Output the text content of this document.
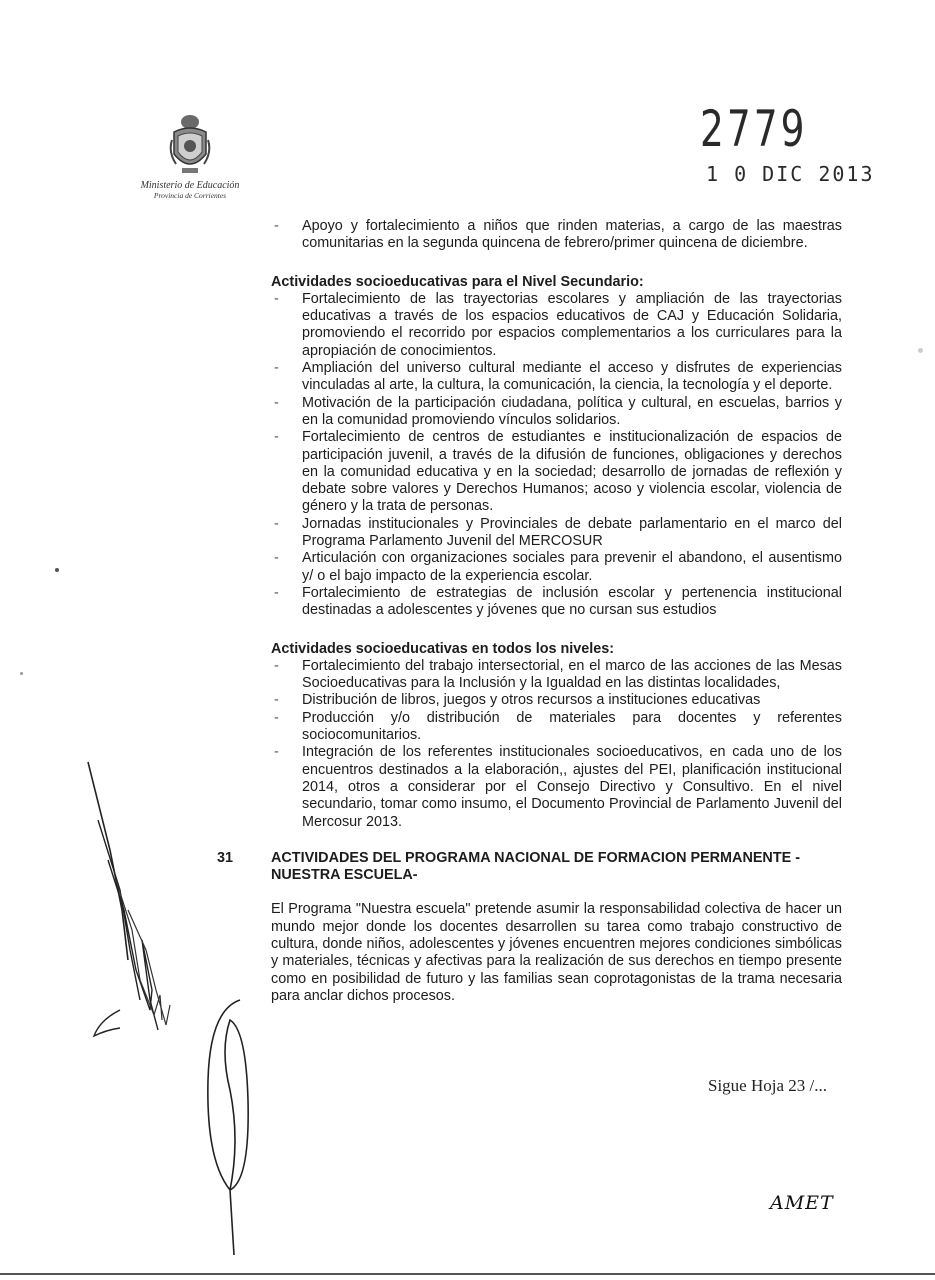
Ministerio de Educación
Provincia de Corrientes
2779
1 0 DIC 2013
- Apoyo y fortalecimiento a niños que rinden materias, a cargo de las maestras comunitarias en la segunda quincena de febrero/primer quincena de diciembre.
Actividades socioeducativas para el Nivel Secundario:
- Fortalecimiento de las trayectorias escolares y ampliación de las trayectorias educativas a través de los espacios educativos de CAJ y Educación Solidaria, promoviendo el recorrido por espacios complementarios a los curriculares para la apropiación de conocimientos.
- Ampliación del universo cultural mediante el acceso y disfrutes de experiencias vinculadas al arte, la cultura, la comunicación, la ciencia, la tecnología y el deporte.
- Motivación de la participación ciudadana, política y cultural, en escuelas, barrios y en la comunidad promoviendo vínculos solidarios.
- Fortalecimiento de centros de estudiantes e institucionalización de espacios de participación juvenil, a través de la difusión de funciones, obligaciones y derechos en la comunidad educativa y en la sociedad; desarrollo de jornadas de reflexión y debate sobre valores y Derechos Humanos; acoso y violencia escolar, violencia de género y la trata de personas.
- Jornadas institucionales y Provinciales de debate parlamentario en el marco del Programa Parlamento Juvenil del MERCOSUR
- Articulación con organizaciones sociales para prevenir el abandono, el ausentismo y/ o el bajo impacto de la experiencia escolar.
- Fortalecimiento de estrategias de inclusión escolar y pertenencia institucional destinadas a adolescentes y jóvenes que no cursan sus estudios
Actividades socioeducativas en todos los niveles:
- Fortalecimiento del trabajo intersectorial, en el marco de las acciones de las Mesas Socioeducativas para la Inclusión y la Igualdad en las distintas localidades,
- Distribución de libros, juegos y otros recursos a instituciones educativas
- Producción y/o distribución de materiales para docentes y referentes sociocomunitarios.
- Integración de los referentes institucionales socioeducativos, en cada uno de los encuentros destinados a la elaboración,, ajustes del PEI, planificación institucional 2014, otros a considerar por el Consejo Directivo y Consultivo. En el nivel secundario, tomar como insumo, el Documento Provincial de Parlamento Juvenil del Mercosur 2013.
31	ACTIVIDADES DEL PROGRAMA NACIONAL DE FORMACION PERMANENTE - NUESTRA ESCUELA-
El Programa "Nuestra escuela" pretende asumir la responsabilidad colectiva de hacer un mundo mejor donde los docentes desarrollen su tarea como trabajo constructivo de cultura, donde niños, adolescentes y jóvenes encuentren mejores condiciones simbólicas y materiales, técnicas y afectivas para la realización de sus derechos en tiempo presente como en posibilidad de futuro y las familias sean coprotagonistas de la trama necesaria para anclar dichos procesos.
Sigue Hoja 23 /...
AMET
